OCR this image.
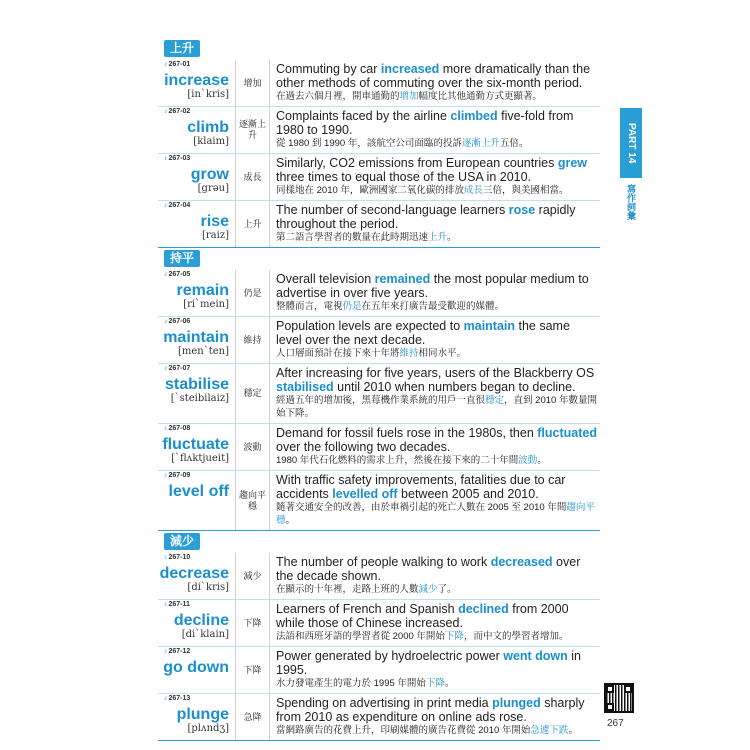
上升
♪ 267-01
increase
[inˋkris]
增加
Commuting by car increased more dramatically than the other methods of commuting over the six-month period.
在過去六個月裡，開車通勤的增加幅度比其他通勤方式更顯著。
♪ 267-02
climb
[klaim]
逐漸上升
Complaints faced by the airline climbed five-fold from 1980 to 1990.
從 1980 到 1990 年，該航空公司面臨的投訴逐漸上升五倍。
♪ 267-03
grow
[grəu]
成長
Similarly, CO2 emissions from European countries grew three times to equal those of the USA in 2010.
同樣地在 2010 年，歐洲國家二氧化碳的排放成長三倍，與美國相當。
♪ 267-04
rise
[raiz]
上升
The number of second-language learners rose rapidly throughout the period.
第二語言學習者的數量在此時期迅速上升。
持平
♪ 267-05
remain
[riˋmein]
仍是
Overall television remained the most popular medium to advertise in over five years.
整體而言，電視仍是在五年來打廣告最受歡迎的媒體。
♪ 267-06
maintain
[menˋten]
維持
Population levels are expected to maintain the same level over the next decade.
人口層面預計在接下來十年將維持相同水平。
♪ 267-07
stabilise
[ˋsteibilaiz]	穩定
After increasing for five years, users of the Blackberry OS stabilised until 2010 when numbers began to decline.
經過五年的增加後，黑莓機作業系統的用戶一直很穩定，直到 2010 年數量開始下降。
♪ 267-08
fluctuate
[ˋflʌktjueit]
波動
Demand for fossil fuels rose in the 1980s, then fluctuated over the following two decades.
1980 年代石化燃料的需求上升，然後在接下來的二十年間波動。
♪ 267-09
level off	趨向平穩
With traffic safety improvements, fatalities due to car accidents levelled off between 2005 and 2010.
隨著交通安全的改善，由於車禍引起的死亡人數在 2005 至 2010 年間趨向平穩。
減少
♪ 267-10
decrease
[diˋkris]
減少
The number of people walking to work decreased over the decade shown.
在顯示的十年裡，走路上班的人數減少了。
♪ 267-11
decline
[diˋklain]
下降
Learners of French and Spanish declined from 2000 while those of Chinese increased.
法語和西班牙語的學習者從 2000 年開始下降，而中文的學習者增加。
♪ 267-12
go down	下降
Power generated by hydroelectric power went down in 1995.
水力發電產生的電力於 1995 年開始下降。
♪ 267-13
plunge
[plʌndʒ]
急降
Spending on advertising in print media plunged sharply from 2010 as expenditure on online ads rose.
當網路廣告的花費上升，印刷媒體的廣告花費從 2010 年開始急遽下跌。
PART 14
寫作詞彙
267
